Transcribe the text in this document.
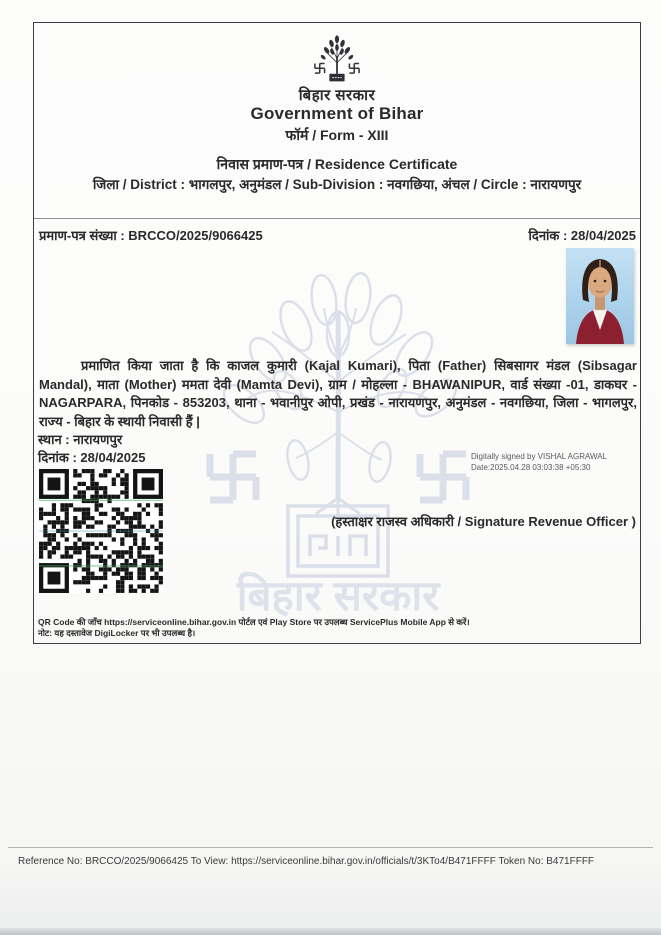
बिहार सरकार
बिहार सरकार
Government of Bihar
फॉर्म / Form - XIII
निवास प्रमाण-पत्र / Residence Certificate
जिला / District : भागलपुर, अनुमंडल / Sub-Division : नवगछिया, अंचल / Circle : नारायणपुर
प्रमाण-पत्र संख्या : BRCCO/2025/9066425	दिनांक : 28/04/2025
प्रमाणित किया जाता है कि काजल कुमारी (Kajal Kumari), पिता (Father) सिबसागर मंडल (Sibsagar Mandal), माता (Mother) ममता देवी (Mamta Devi), ग्राम / मोहल्ला - BHAWANIPUR, वार्ड संख्या -01, डाकघर - NAGARPARA, पिनकोड - 853203, थाना - भवानीपुर ओपी, प्रखंड - नारायणपुर, अनुमंडल - नवगछिया, जिला - भागलपुर, राज्य - बिहार के स्थायी निवासी हैं |
स्थान : नारायणपुर
दिनांक : 28/04/2025	Digitally signed by VISHAL AGRAWAL
Date:2025.04.28 03:03:38 +05:30
(हस्ताक्षर राजस्व अधिकारी / Signature Revenue Officer )
QR Code की जाँच https://serviceonline.bihar.gov.in पोर्टल एवं Play Store पर उपलब्ध ServicePlus Mobile App से करें।
नोट: यह दस्तावेज DigiLocker पर भी उपलब्ध है।
Reference No: BRCCO/2025/9066425 To View: https://serviceonline.bihar.gov.in/officials/t/3KTo4/B471FFFF Token No: B471FFFF
